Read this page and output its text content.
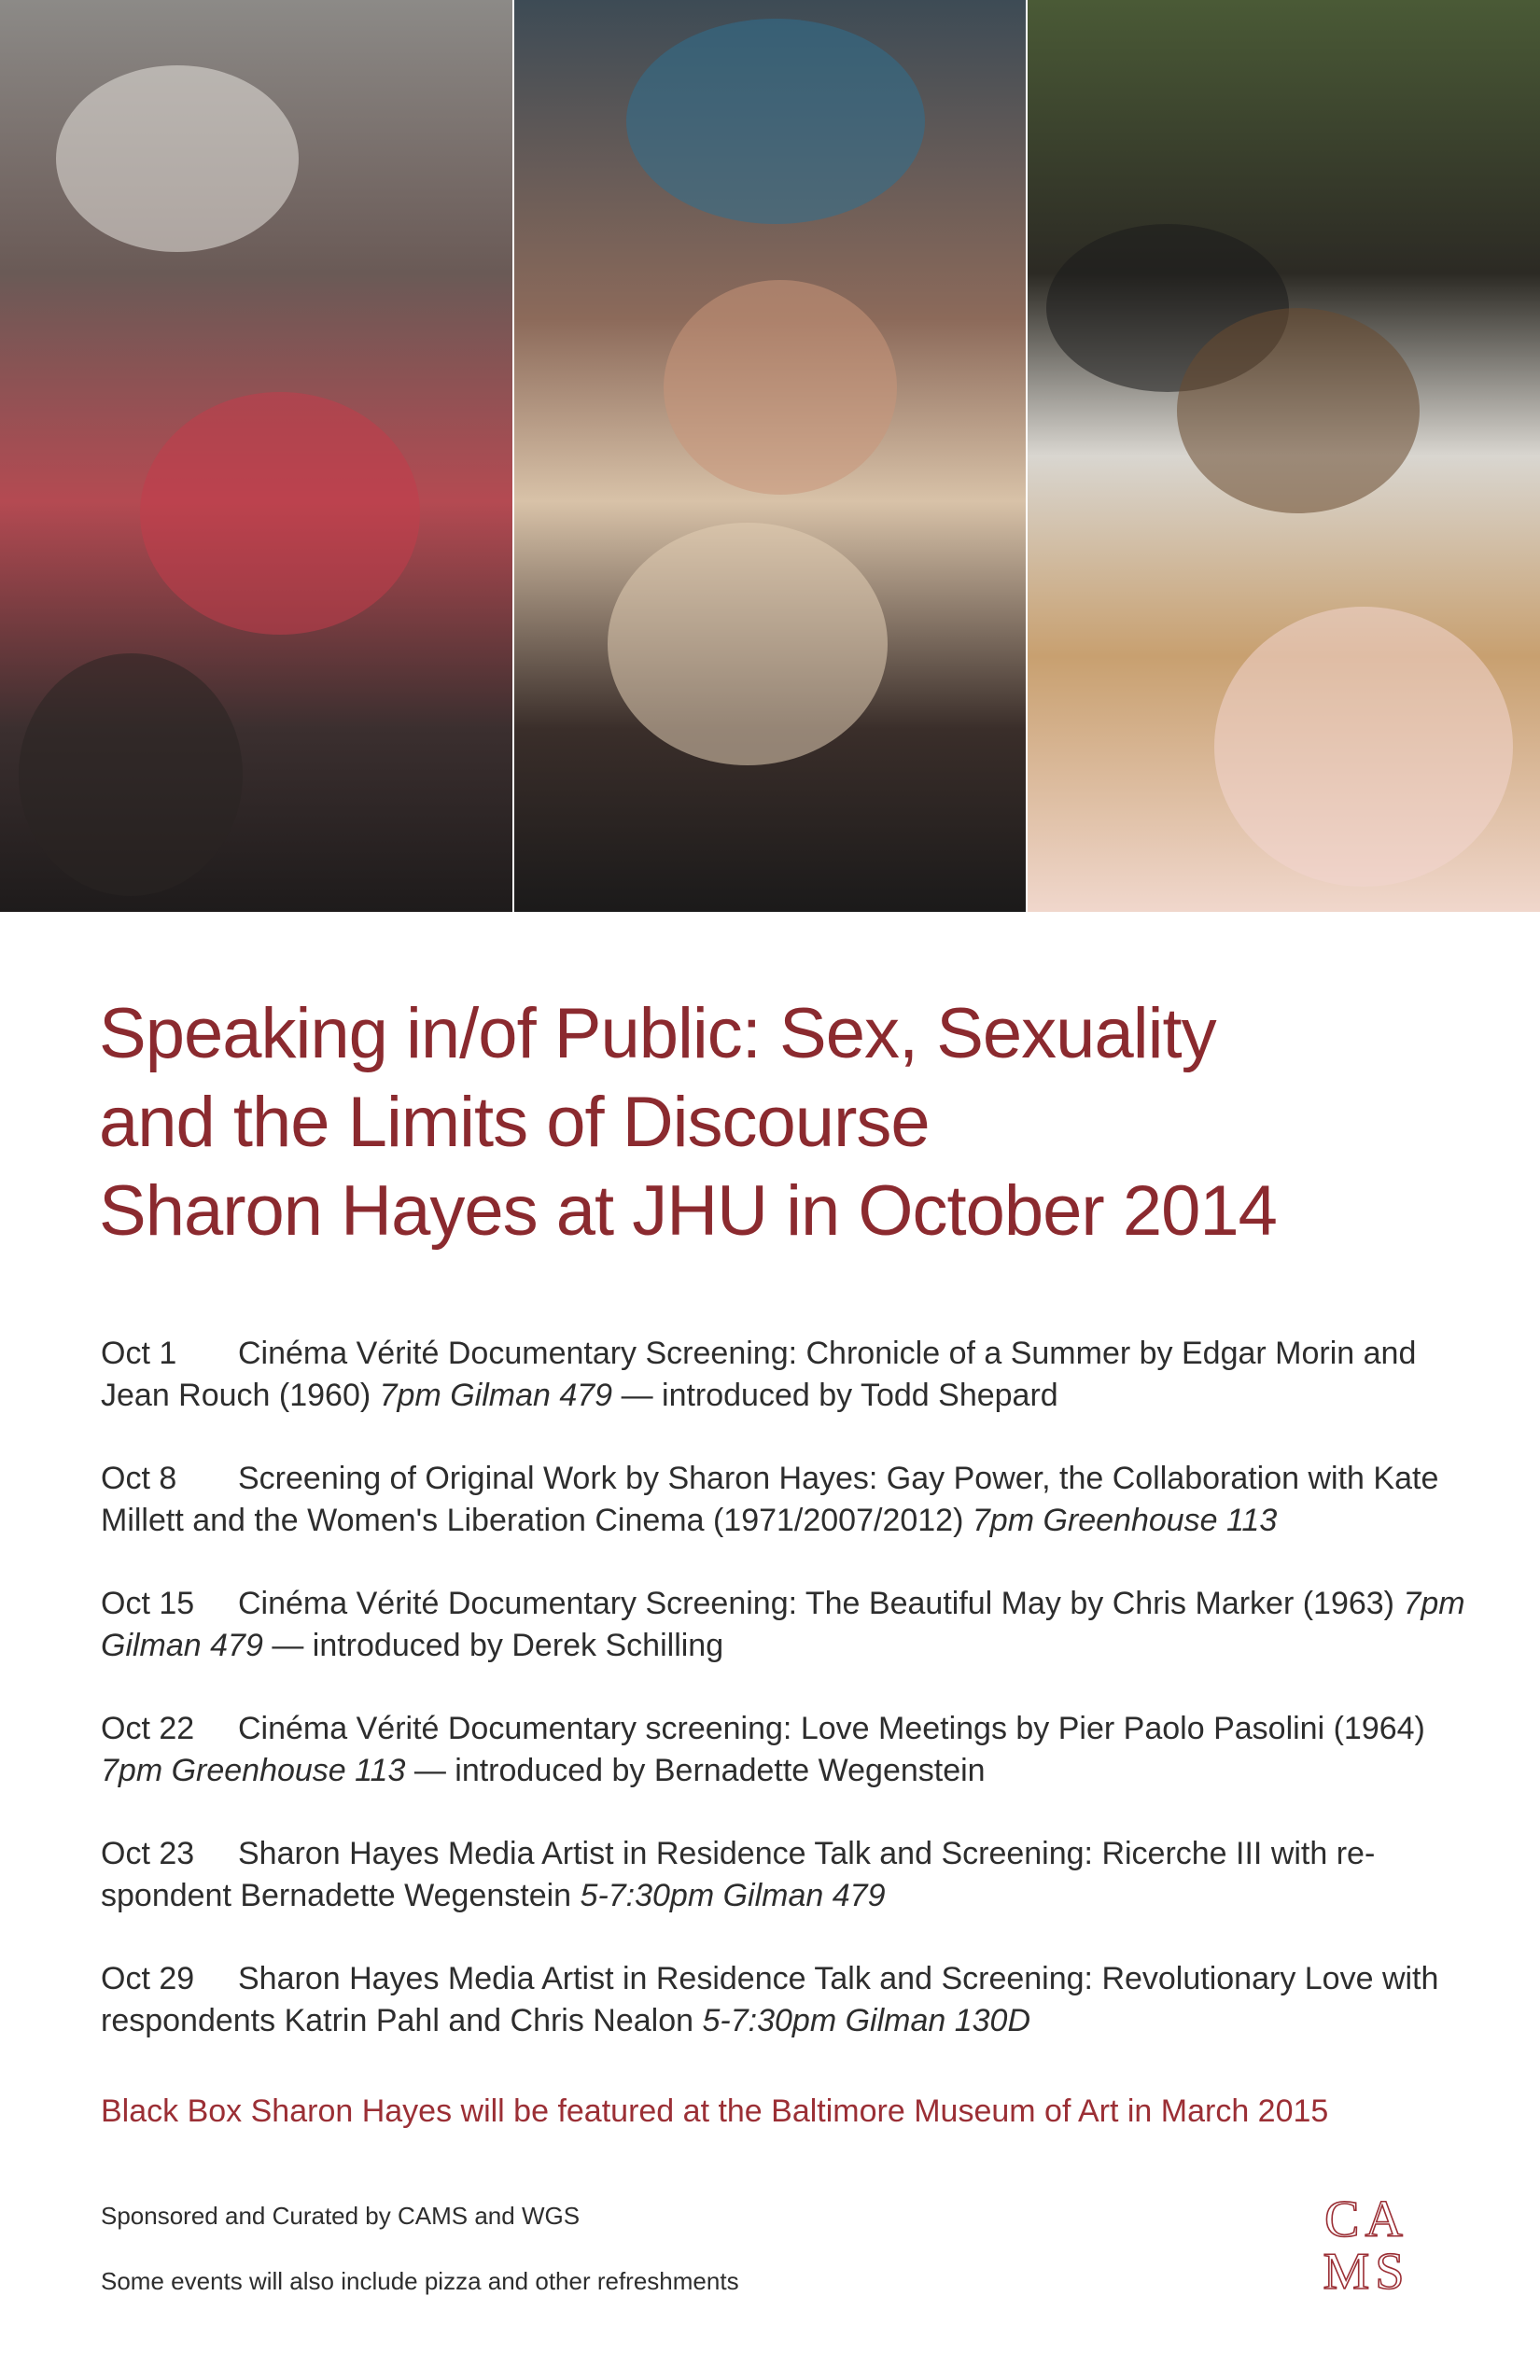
Speaking in/of Public: Sex, Sexuality
and the Limits of Discourse
Sharon Hayes at JHU in October 2014
Oct 1 Cinéma Vérité Documentary Screening: Chronicle of a Summer by Edgar Morin and Jean Rouch (1960) 7pm Gilman 479 — introduced by Todd Shepard
Oct 8 Screening of Original Work by Sharon Hayes: Gay Power, the Collaboration with Kate Millett and the Women's Liberation Cinema (1971/2007/2012) 7pm Greenhouse 113
Oct 15 Cinéma Vérité Documentary Screening: The Beautiful May by Chris Marker (1963) 7pm Gilman 479 — introduced by Derek Schilling
Oct 22 Cinéma Vérité Documentary screening: Love Meetings by Pier Paolo Pasolini (1964) 7pm Greenhouse 113 — introduced by Bernadette Wegenstein
Oct 23 Sharon Hayes Media Artist in Residence Talk and Screening: Ricerche III with re-spondent Bernadette Wegenstein 5-7:30pm Gilman 479
Oct 29 Sharon Hayes Media Artist in Residence Talk and Screening: Revolutionary Love with respondents Katrin Pahl and Chris Nealon 5-7:30pm Gilman 130D
Black Box Sharon Hayes will be featured at the Baltimore Museum of Art in March 2015
Sponsored and Curated by CAMS and WGS
Some events will also include pizza and other refreshments
CA
MS
